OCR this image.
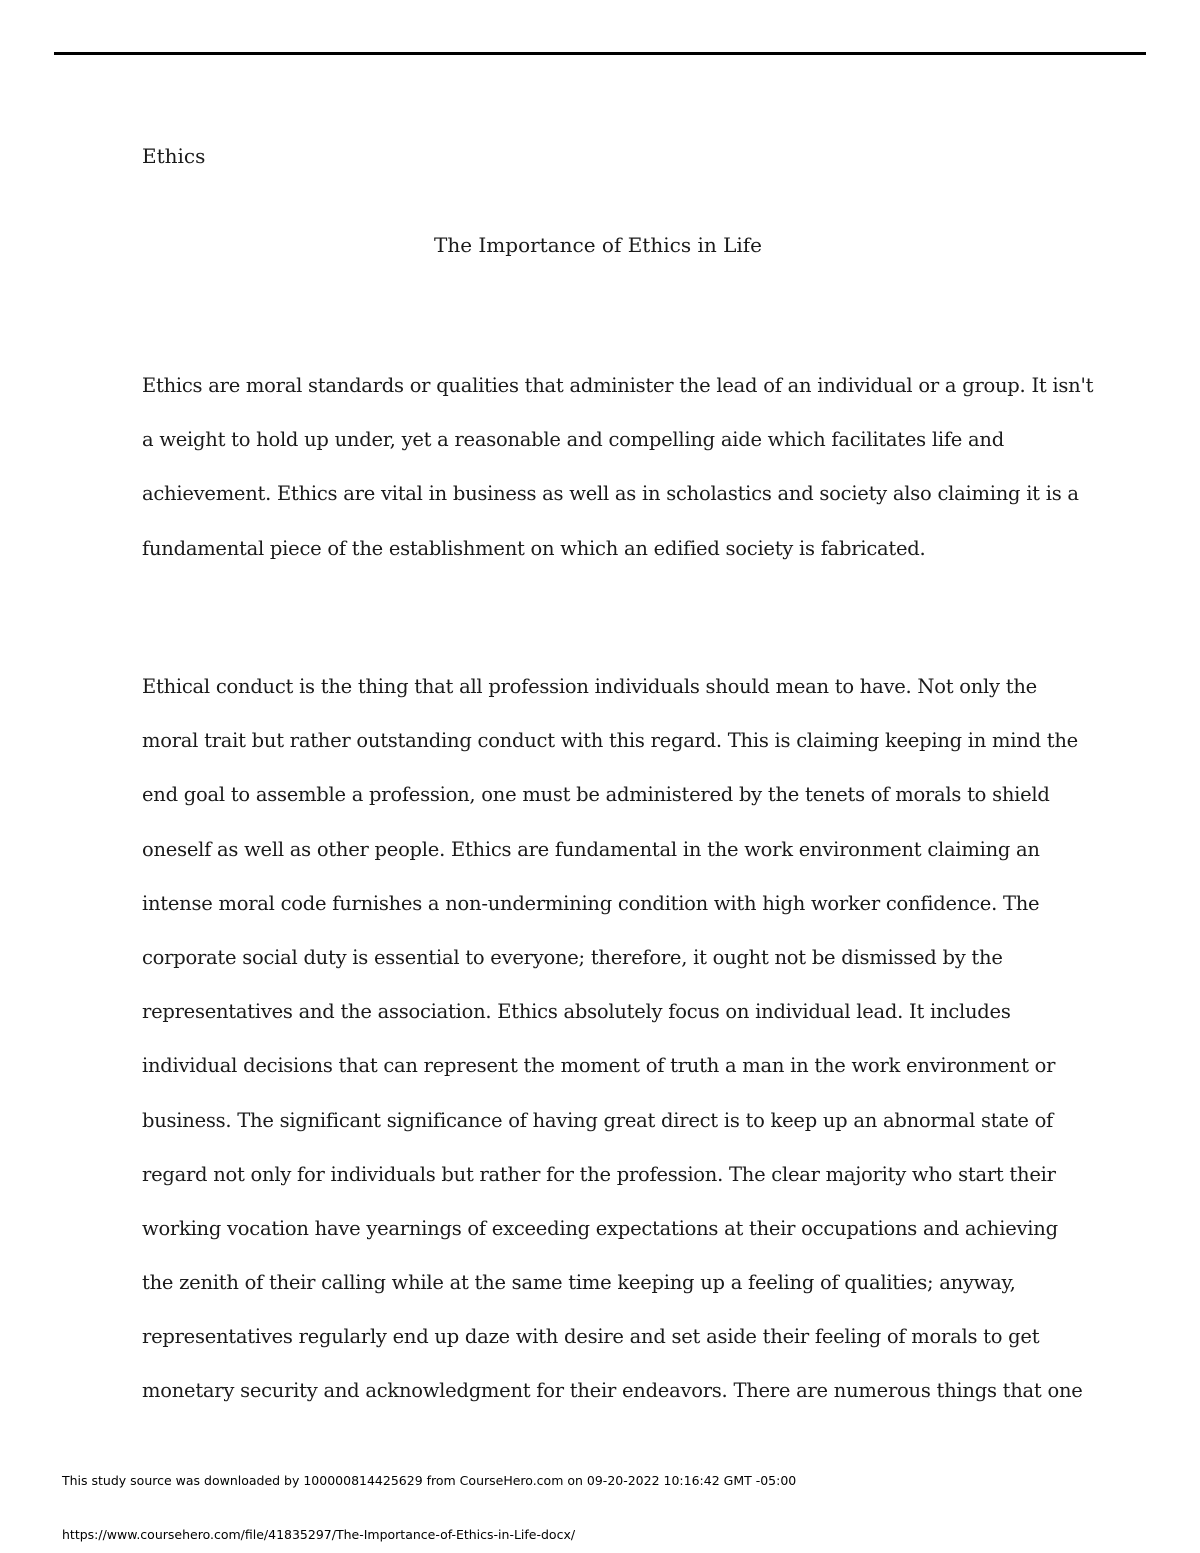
Ethics
The Importance of Ethics in Life
Ethics are moral standards or qualities that administer the lead of an individual or a group. It isn't
a weight to hold up under, yet a reasonable and compelling aide which facilitates life and
achievement. Ethics are vital in business as well as in scholastics and society also claiming it is a
fundamental piece of the establishment on which an edified society is fabricated.
Ethical conduct is the thing that all profession individuals should mean to have. Not only the
moral trait but rather outstanding conduct with this regard. This is claiming keeping in mind the
end goal to assemble a profession, one must be administered by the tenets of morals to shield
oneself as well as other people. Ethics are fundamental in the work environment claiming an
intense moral code furnishes a non-undermining condition with high worker confidence. The
corporate social duty is essential to everyone; therefore, it ought not be dismissed by the
representatives and the association. Ethics absolutely focus on individual lead. It includes
individual decisions that can represent the moment of truth a man in the work environment or
business. The significant significance of having great direct is to keep up an abnormal state of
regard not only for individuals but rather for the profession. The clear majority who start their
working vocation have yearnings of exceeding expectations at their occupations and achieving
the zenith of their calling while at the same time keeping up a feeling of qualities; anyway,
representatives regularly end up daze with desire and set aside their feeling of morals to get
monetary security and acknowledgment for their endeavors. There are numerous things that one
This study source was downloaded by 100000814425629 from CourseHero.com on 09-20-2022 10:16:42 GMT -05:00
https://www.coursehero.com/file/41835297/The-Importance-of-Ethics-in-Life-docx/
